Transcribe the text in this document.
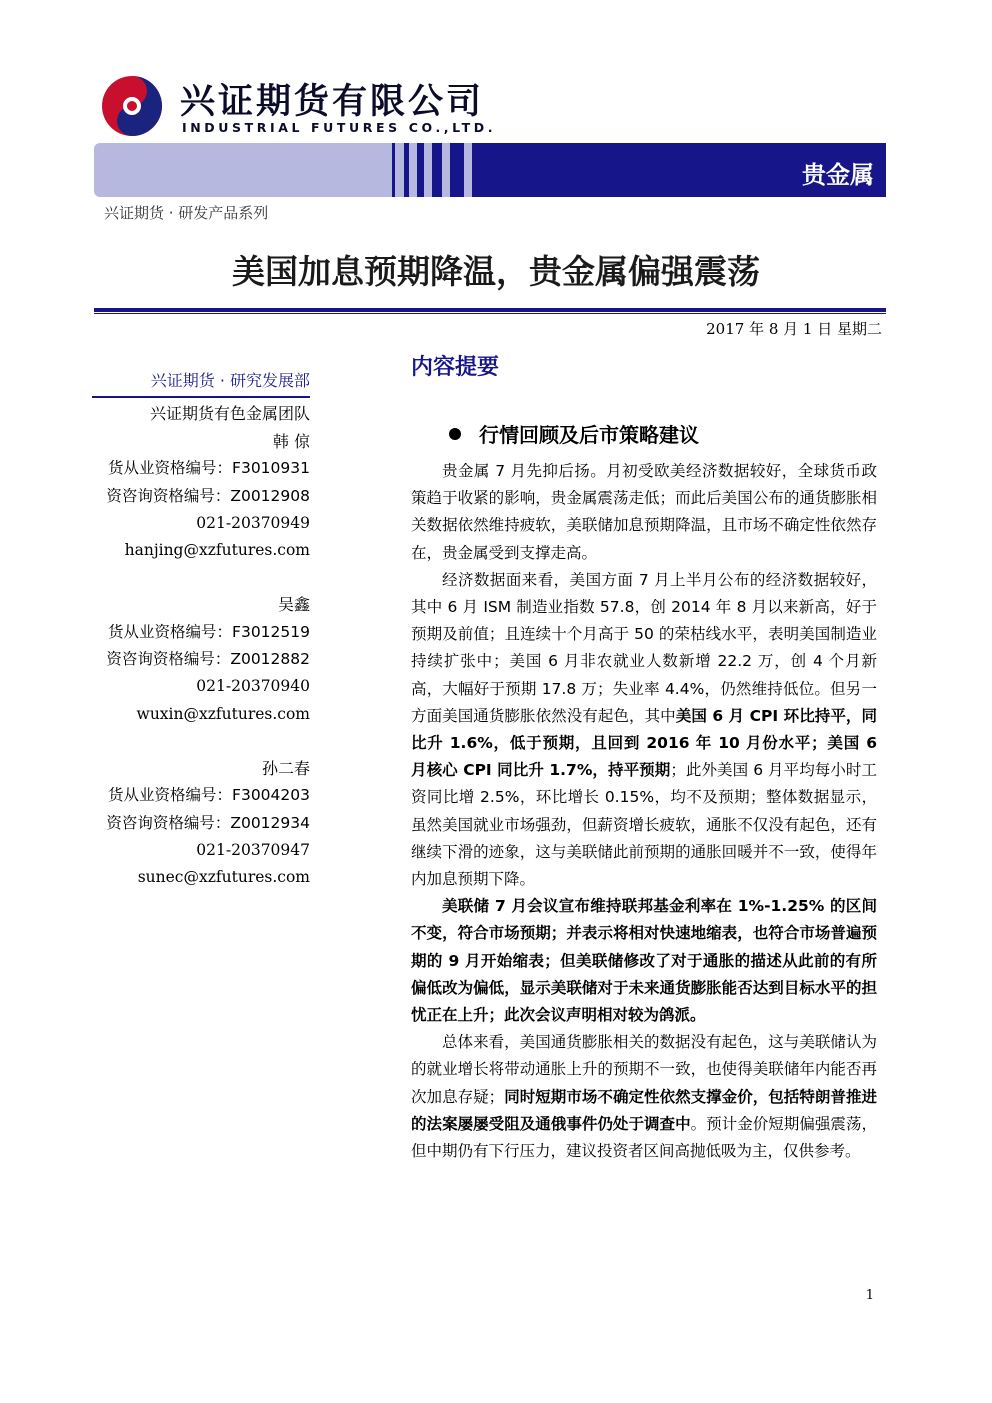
兴证期货有限公司
INDUSTRIAL FUTURES CO.,LTD.
贵金属
兴证期货 · 研发产品系列
美国加息预期降温，贵金属偏强震荡
2017 年 8 月 1 日 星期二
兴证期货 · 研究发展部
兴证期货有色金属团队
韩 倞
货从业资格编号：F3010931
资咨询资格编号：Z0012908
021-20370949
hanjing@xzfutures.com
吴鑫
货从业资格编号：F3012519
资咨询资格编号：Z0012882
021-20370940
wuxin@xzfutures.com
孙二春
货从业资格编号：F3004203
资咨询资格编号：Z0012934
021-20370947
sunec@xzfutures.com
内容提要
行情回顾及后市策略建议

贵金属 7 月先抑后扬。月初受欧美经济数据较好，全球货币政策趋于收紧的影响，贵金属震荡走低；而此后美国公布的通货膨胀相关数据依然维持疲软，美联储加息预期降温，且市场不确定性依然存在，贵金属受到支撑走高。

经济数据面来看，美国方面 7 月上半月公布的经济数据较好，其中 6 月 ISM 制造业指数 57.8，创 2014 年 8 月以来新高，好于预期及前值；且连续十个月高于 50 的荣枯线水平，表明美国制造业持续扩张中；美国 6 月非农就业人数新增 22.2 万，创 4 个月新高，大幅好于预期 17.8 万；失业率 4.4%，仍然维持低位。但另一方面美国通货膨胀依然没有起色，其中美国 6 月 CPI 环比持平，同比升 1.6%，低于预期，且回到 2016 年 10 月份水平；美国 6 月核心 CPI 同比升 1.7%，持平预期；此外美国 6 月平均每小时工资同比增 2.5%，环比增长 0.15%，均不及预期；整体数据显示，虽然美国就业市场强劲，但薪资增长疲软，通胀不仅没有起色，还有继续下滑的迹象，这与美联储此前预期的通胀回暖并不一致，使得年内加息预期下降。

美联储 7 月会议宣布维持联邦基金利率在 1%-1.25% 的区间不变，符合市场预期；并表示将相对快速地缩表，也符合市场普遍预期的 9 月开始缩表；但美联储修改了对于通胀的描述从此前的有所偏低改为偏低，显示美联储对于未来通货膨胀能否达到目标水平的担忧正在上升；此次会议声明相对较为鸽派。

总体来看，美国通货膨胀相关的数据没有起色，这与美联储认为的就业增长将带动通胀上升的预期不一致，也使得美联储年内能否再次加息存疑；同时短期市场不确定性依然支撑金价，包括特朗普推进的法案屡屡受阻及通俄事件仍处于调查中。预计金价短期偏强震荡，但中期仍有下行压力，建议投资者区间高抛低吸为主，仅供参考。

1
